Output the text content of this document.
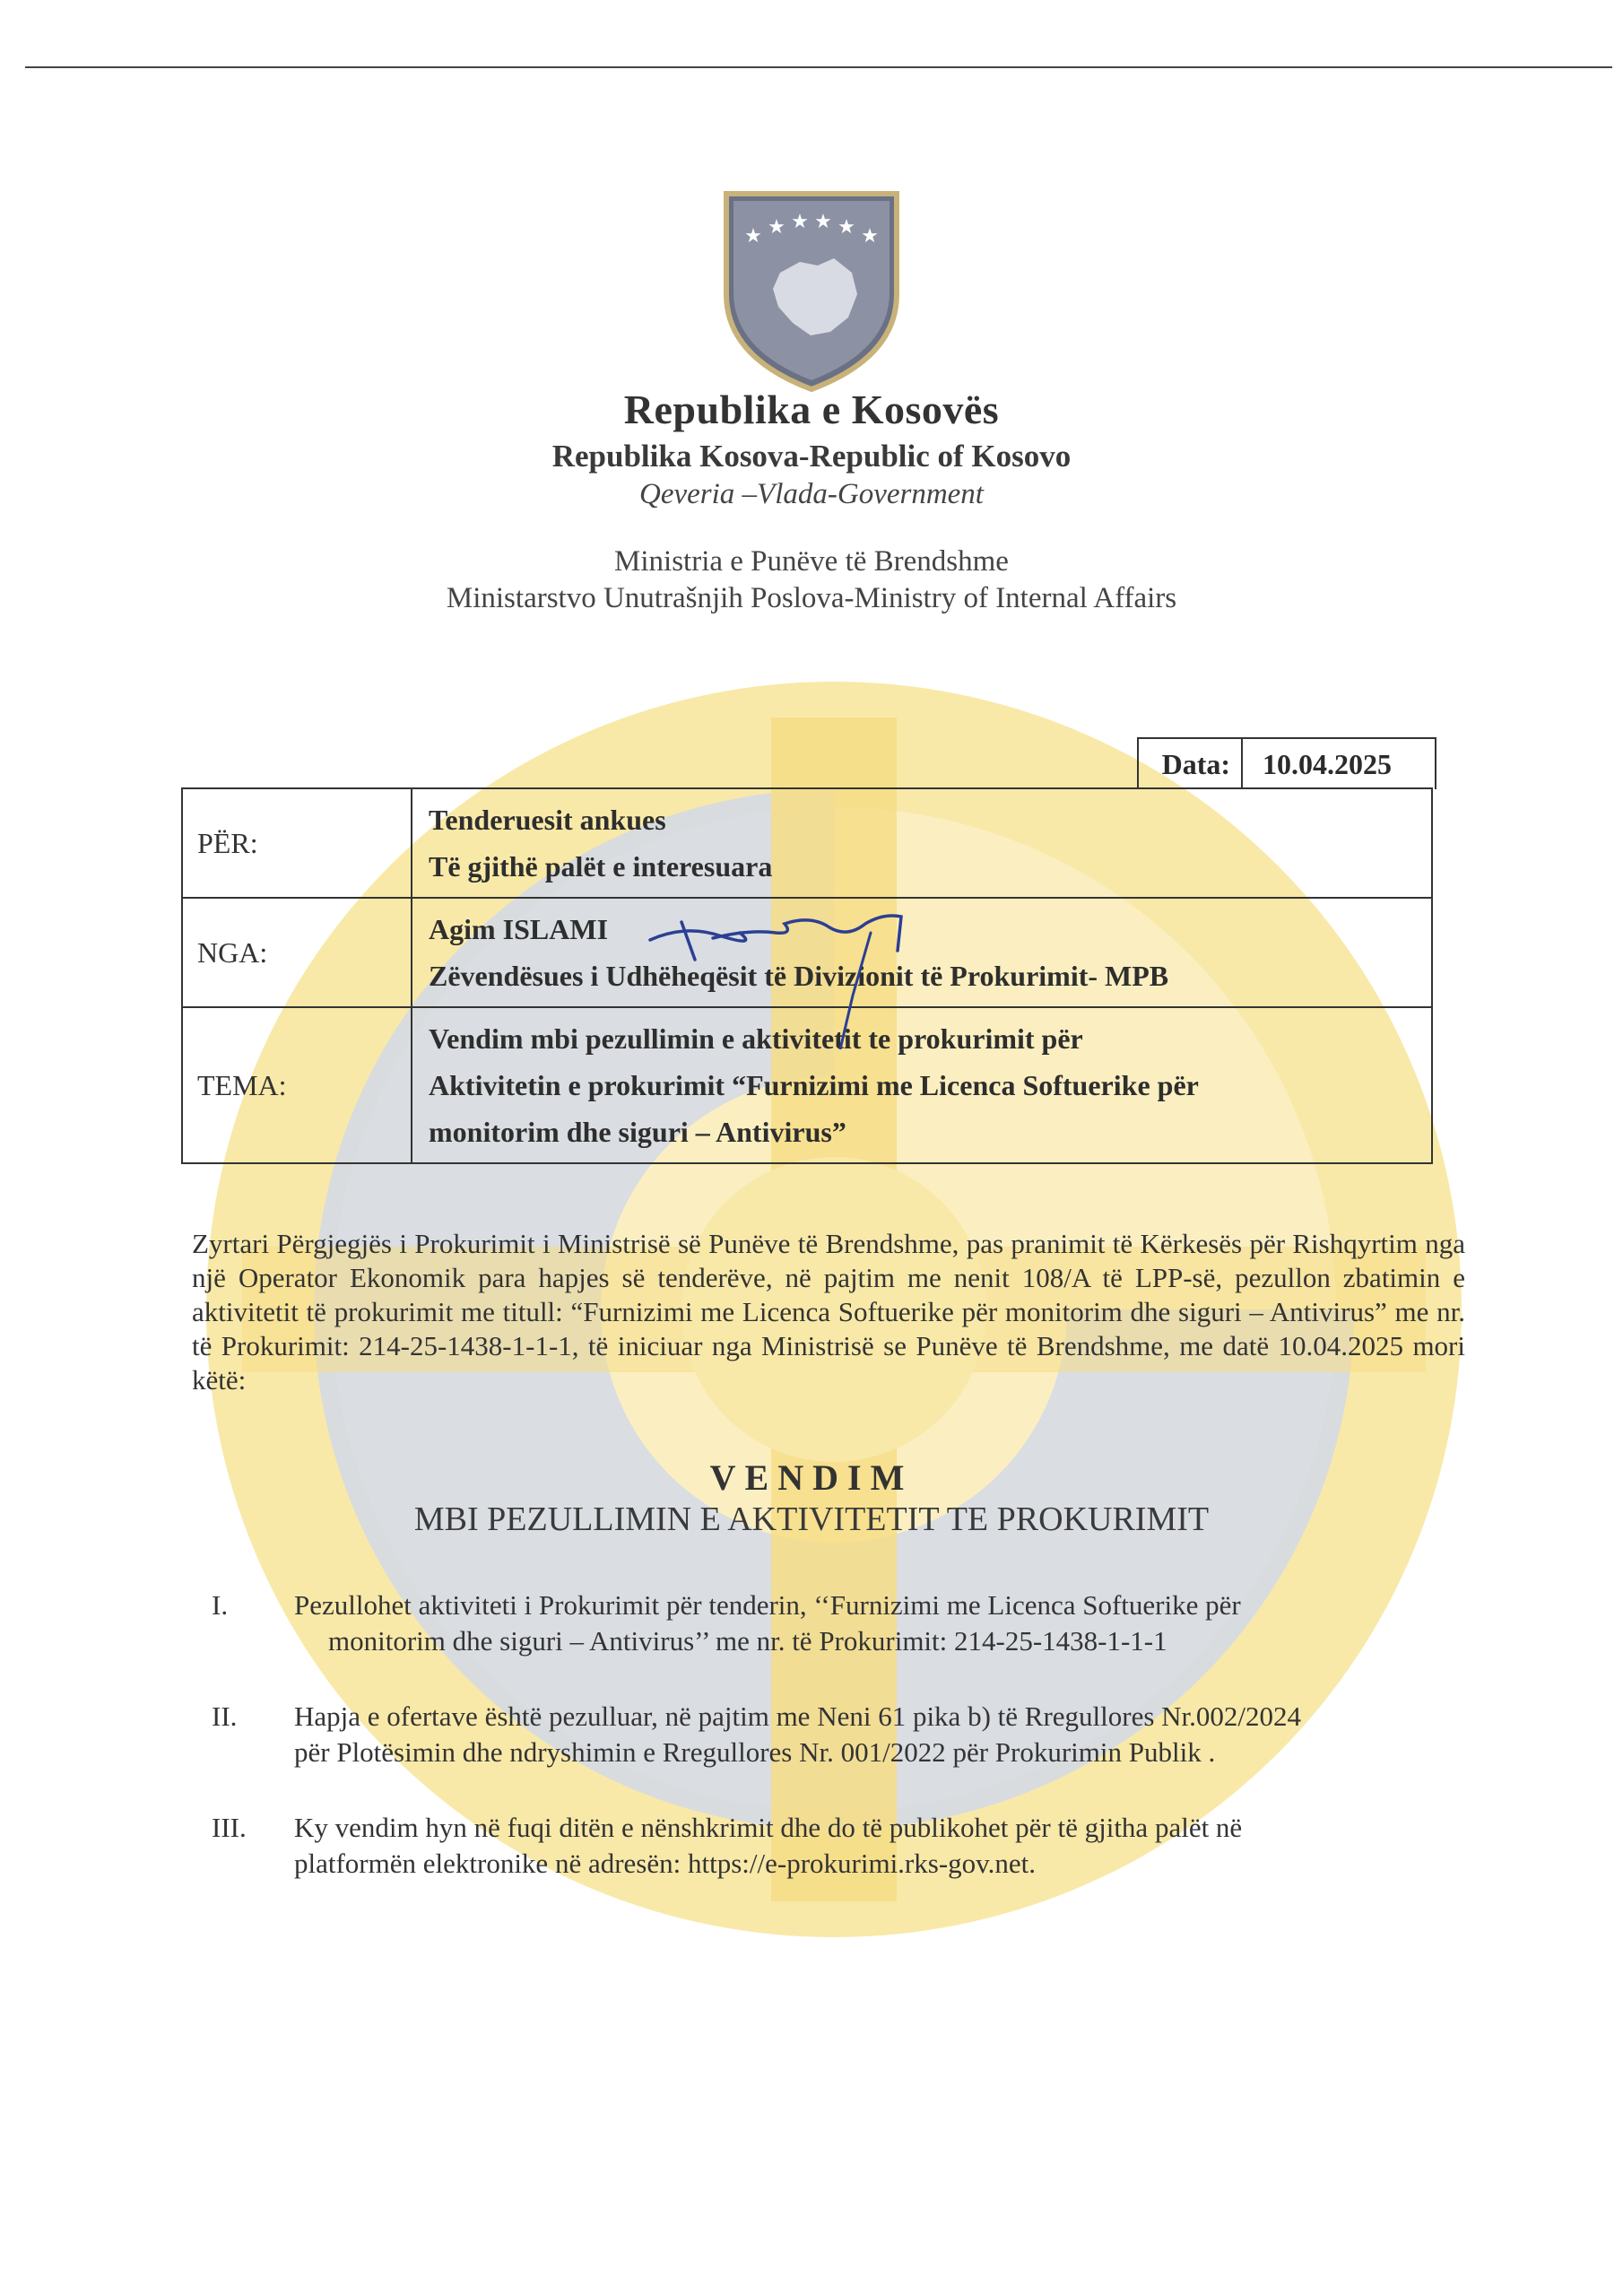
★ ★ ★ ★ ★ ★
Republika e Kosovës
Republika Kosova-Republic of Kosovo
Qeveria –Vlada-Government
Ministria e Punëve të Brendshme
Ministarstvo Unutrašnjih Poslova-Ministry of Internal Affairs
Data:	10.04.2025
PËR:	Tenderuesit ankues
Të gjithë palët e interesuara

NGA:	Agim ISLAMI
Zëvendësues i Udhëheqësit të Divizionit të Prokurimit- MPB

TEMA:	Vendim mbi pezullimin e aktivitetit te prokurimit për
Aktivitetin e prokurimit “Furnizimi me Licenca Softuerike për
monitorim dhe siguri – Antivirus”
Zyrtari Përgjegjës i Prokurimit i Ministrisë së Punëve të Brendshme, pas pranimit të Kërkesës për Rishqyrtim nga një Operator Ekonomik para hapjes së tenderëve, në pajtim me nenit 108/A të LPP-së, pezullon zbatimin e aktivitetit të prokurimit me titull: “Furnizimi me Licenca Softuerike për monitorim dhe siguri – Antivirus” me nr. të Prokurimit: 214-25-1438-1-1-1, të iniciuar nga Ministrisë se Punëve të Brendshme, me datë 10.04.2025 mori këtë:
VENDIM
MBI PEZULLIMIN E AKTIVITETIT TE PROKURIMIT
I.	Pezullohet aktiviteti i Prokurimit për tenderin, ‘‘Furnizimi me Licenca Softuerike për
monitorim dhe siguri – Antivirus’’ me nr. të Prokurimit: 214-25-1438-1-1-1
II.	Hapja e ofertave është pezulluar, në pajtim me Neni 61 pika b) të Rregullores Nr.002/2024
për Plotësimin dhe ndryshimin e Rregullores Nr. 001/2022 për Prokurimin Publik .
III.	Ky vendim hyn në fuqi ditën e nënshkrimit dhe do të publikohet për të gjitha palët në
platformën elektronike në adresën: https://e-prokurimi.rks-gov.net.
